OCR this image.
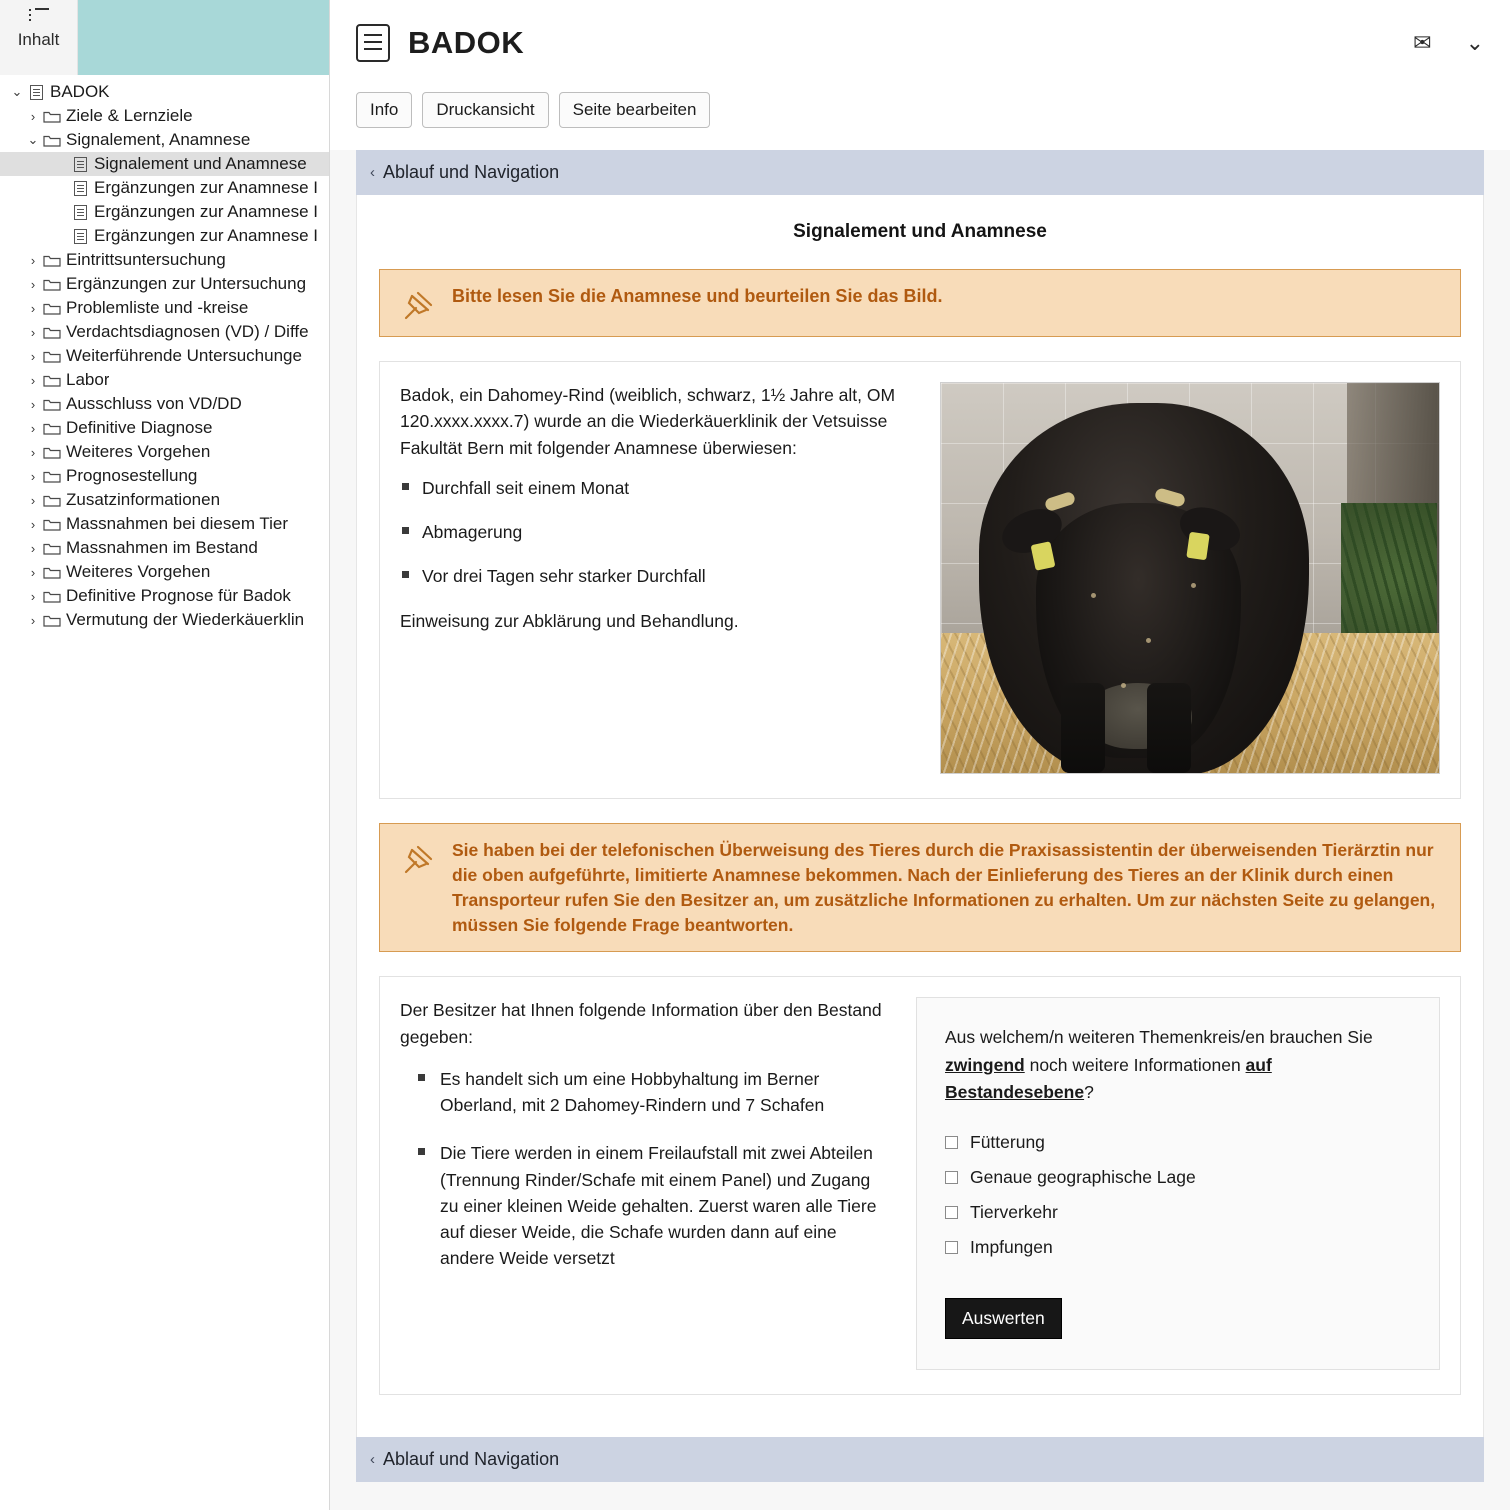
Inhalt
⌄ BADOK
›	Ziele & Lernziele
⌄ Signalement, Anamnese

Signalement und Anamnese

Ergänzungen zur Anamnese I

Ergänzungen zur Anamnese I

Ergänzungen zur Anamnese I
›	Eintrittsuntersuchung
›	Ergänzungen zur Untersuchung
›	Problemliste und -kreise
›	Verdachtsdiagnosen (VD) / Diffe
›	Weiterführende Untersuchunge
›	Labor
›	Ausschluss von VD/DD
›	Definitive Diagnose
›	Weiteres Vorgehen
›	Prognosestellung
›	Zusatzinformationen
›	Massnahmen bei diesem Tier
›	Massnahmen im Bestand
›	Weiteres Vorgehen
›	Definitive Prognose für Badok
›	Vermutung der Wiederkäuerklin
BADOK	✉ ⌄
Info	Druckansicht	Seite bearbeiten
‹ Ablauf und Navigation
Signalement und Anamnese
Bitte lesen Sie die Anamnese und beurteilen Sie das Bild.

Badok, ein Dahomey-Rind (weiblich, schwarz, 1½ Jahre alt, OM 120.xxxx.xxxx.7) wurde an die Wiederkäuerklinik der Vetsuisse Fakultät Bern mit folgender Anamnese überwiesen:

Durchfall seit einem Monat
Abmagerung
Vor drei Tagen sehr starker Durchfall

Einweisung zur Abklärung und Behandlung.

Sie haben bei der telefonischen Überweisung des Tieres durch die Praxisassistentin der überweisenden Tierärztin nur die oben aufgeführte, limitierte Anamnese bekommen. Nach der Einlieferung des Tieres an der Klinik durch einen Transporteur rufen Sie den Besitzer an, um zusätzliche Informationen zu erhalten. Um zur nächsten Seite zu gelangen, müssen Sie folgende Frage beantworten.

Der Besitzer hat Ihnen folgende Information über den Bestand gegeben:

Es handelt sich um eine Hobbyhaltung im Berner Oberland, mit 2 Dahomey-Rindern und 7 Schafen
Die Tiere werden in einem Freilaufstall mit zwei Abteilen (Trennung Rinder/Schafe mit einem Panel) und Zugang zu einer kleinen Weide gehalten. Zuerst waren alle Tiere auf dieser Weide, die Schafe wurden dann auf eine andere Weide versetzt
Aus welchem/n weiteren Themenkreis/en brauchen Sie zwingend noch weitere Informationen auf Bestandesebene?
Fütterung
Genaue geographische Lage
Tierverkehr
Impfungen
Auswerten
‹ Ablauf und Navigation
